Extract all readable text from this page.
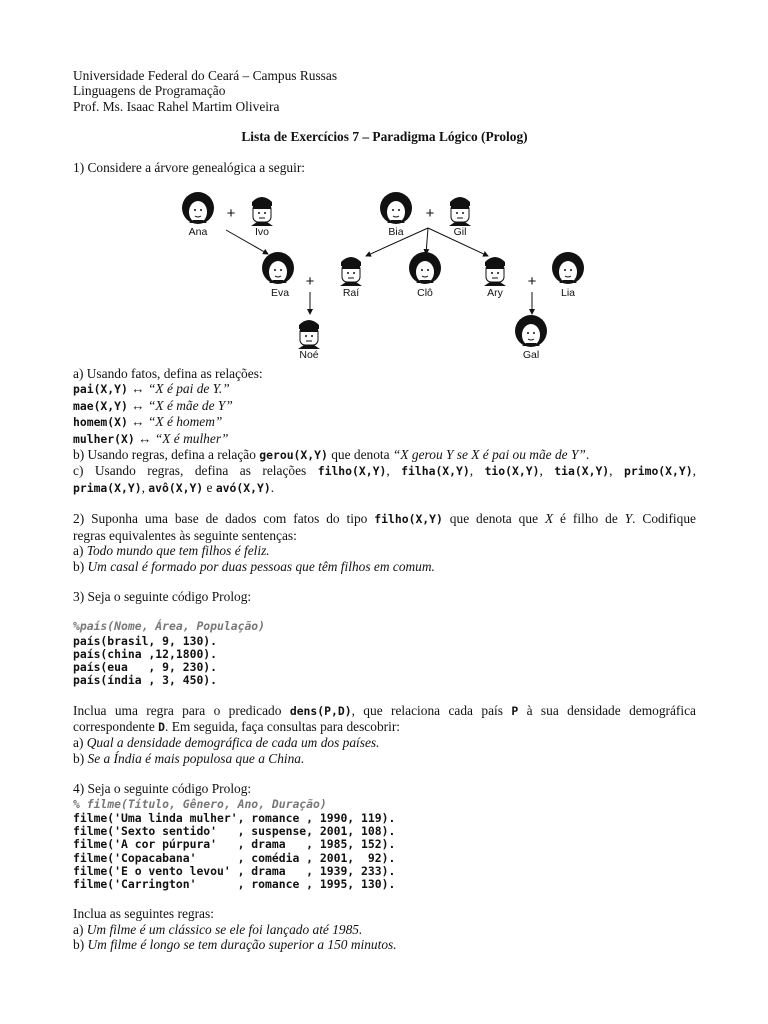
Universidade Federal do Ceará – Campus Russas
Linguagens de Programação
Prof. Ms. Isaac Rahel Martim Oliveira
Lista de Exercícios 7 – Paradigma Lógico (Prolog)
1) Considere a árvore genealógica a seguir:
a) Usando fatos, defina as relações:
pai(X,Y) ↔ “X é pai de Y.”
mae(X,Y) ↔ “X é mãe de Y”
homem(X) ↔ “X é homem”
mulher(X) ↔ “X é mulher”
b) Usando regras, defina a relação gerou(X,Y) que denota “X gerou Y se X é pai ou mãe de Y”.
c) Usando regras, defina as relações filho(X,Y), filha(X,Y), tio(X,Y), tia(X,Y), primo(X,Y),
prima(X,Y), avô(X,Y) e avó(X,Y).
2) Suponha uma base de dados com fatos do tipo filho(X,Y) que denota que X é filho de Y. Codifique
regras equivalentes às seguinte sentenças:
a) Todo mundo que tem filhos é feliz.
b) Um casal é formado por duas pessoas que têm filhos em comum.
3) Seja o seguinte código Prolog:
%país(Nome, Área, População)
país(brasil, 9, 130).
país(china ,12,1800).
país(eua   , 9, 230).
país(índia , 3, 450).
Inclua uma regra para o predicado dens(P,D), que relaciona cada país P à sua densidade demográfica
correspondente D. Em seguida, faça consultas para descobrir:
a) Qual a densidade demográfica de cada um dos países.
b) Se a Índia é mais populosa que a China.
4) Seja o seguinte código Prolog:
% filme(Título, Gênero, Ano, Duração)
filme('Uma linda mulher', romance , 1990, 119).
filme('Sexto sentido'   , suspense, 2001, 108).
filme('A cor púrpura'   , drama   , 1985, 152).
filme('Copacabana'      , comédia , 2001,  92).
filme('E o vento levou' , drama   , 1939, 233).
filme('Carrington'      , romance , 1995, 130).
Inclua as seguintes regras:
a) Um filme é um clássico se ele foi lançado até 1985.
b) Um filme é longo se tem duração superior a 150 minutos.
Ana	Ivo	Bia	Gil
Eva	Raí	Clô	Ary	Lia
Noé	Gal
+	+
+	+
